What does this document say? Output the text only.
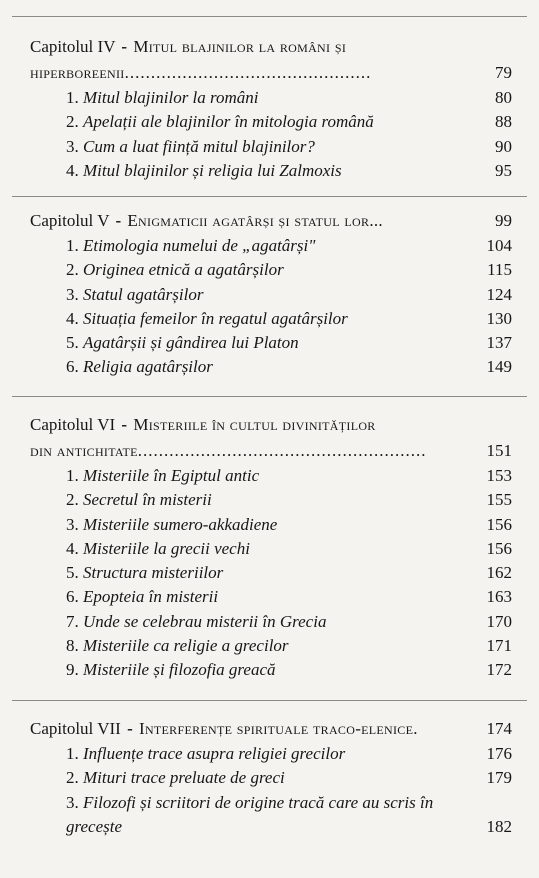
Capitolul IV - Mitul blajinilor la români și
hiperboreenii...............................................	79
1. Mitul blajinilor la români	80
2. Apelații ale blajinilor în mitologia română	88
3. Cum a luat ființă mitul blajinilor?	90
4. Mitul blajinilor și religia lui Zalmoxis	95
Capitolul V - Enigmaticii agatârși și statul lor...	99
1. Etimologia numelui de „agatârși"	104
2. Originea etnică a agatârșilor	115
3. Statul agatârșilor	124
4. Situația femeilor în regatul agatârșilor	130
5. Agatârșii și gândirea lui Platon	137
6. Religia agatârșilor	149
Capitolul VI - Misteriile în cultul divinităților
din antichitate.......................................................	151
1. Misteriile în Egiptul antic	153
2. Secretul în misterii	155
3. Misteriile sumero-akkadiene	156
4. Misteriile la grecii vechi	156
5. Structura misteriilor	162
6. Epopteia în misterii	163
7. Unde se celebrau misterii în Grecia	170
8. Misteriile ca religie a grecilor	171
9. Misteriile și filozofia greacă	172
Capitolul VII - Interferențe spirituale traco-elenice.	174
1. Influențe trace asupra religiei grecilor	176
2. Mituri trace preluate de greci	179
3. Filozofi și scriitori de origine tracă care au scris în grecește	182
